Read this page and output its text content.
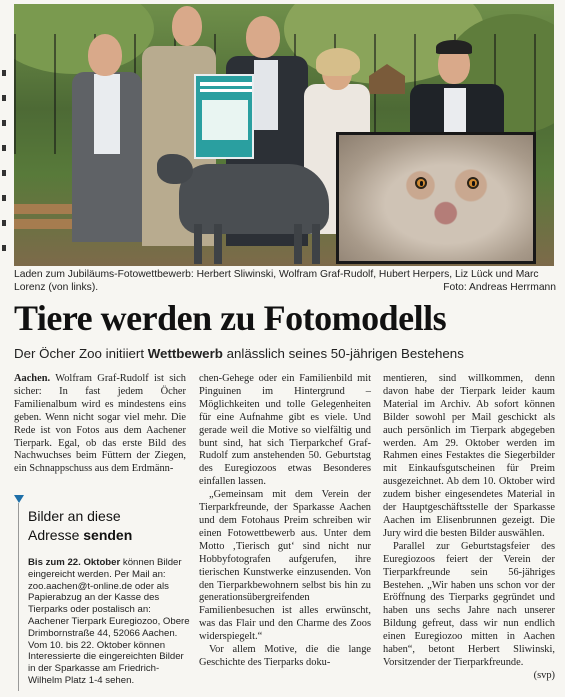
Laden zum Jubiläums-Fotowettbewerb: Herbert Sliwinski, Wolfram Graf-Rudolf, Hubert Herpers, Liz Lück und Marc Lorenz (von links).	Foto: Andreas Herrmann
Tiere werden zu Fotomodells
Der Öcher Zoo initiiert Wettbewerb anlässlich seines 50-jährigen Bestehens

Aachen. Wolfram Graf-Rudolf ist sich sicher: In fast jedem Öcher Familienalbum wird es mindestens eins geben. Wenn nicht sogar viel mehr. Die Rede ist von Fotos aus dem Aachener Tierpark. Egal, ob das erste Bild des Nachwuchses beim Füttern der Ziegen, ein Schnappschuss aus dem Erdmänn-

Bilder an diese
Adresse senden
Bis zum 22. Oktober können Bilder eingereicht werden. Per Mail an: zoo.aachen@t-online.de oder als Papierabzug an der Kasse des Tierparks oder postalisch an: Aachener Tierpark Euregiozoo, Obere Drimbornstraße 44, 52066 Aachen. Vom 10. bis 22. Oktober können Interessierte die eingereichten Bilder in der Sparkasse am Friedrich-Wilhelm Platz 1-4 sehen.

chen-Gehege oder ein Familienbild mit Pinguinen im Hintergrund – Möglichkeiten und tolle Gelegenheiten für eine Aufnahme gibt es viele. Und gerade weil die Motive so vielfältig und bunt sind, hat sich Tierparkchef Graf-Rudolf zum anstehenden 50. Geburtstag des Euregiozoos etwas Besonderes einfallen lassen.

„Gemeinsam mit dem Verein der Tierparkfreunde, der Sparkasse Aachen und dem Fotohaus Preim schreiben wir einen Fotowettbewerb aus. Unter dem Motto ‚Tierisch gut‘ sind nicht nur Hobbyfotografen aufgerufen, ihre tierischen Kunstwerke einzusenden. Von den Tierparkbewohnern selbst bis hin zu generationsübergreifenden Familienbesuchen ist alles erwünscht, was das Flair und den Charme des Zoos widerspiegelt.“

Vor allem Motive, die die lange Geschichte des Tierparks doku-

mentieren, sind willkommen, denn davon habe der Tierpark leider kaum Material im Archiv. Ab sofort können Bilder sowohl per Mail geschickt als auch persönlich im Tierpark abgegeben werden. Am 29. Oktober werden im Rahmen eines Festaktes die Siegerbilder mit Einkaufsgutscheinen für Preim ausgezeichnet. Ab dem 10. Oktober wird zudem bisher eingesendetes Material in der Hauptgeschäftsstelle der Sparkasse Aachen im Elisenbrunnen gezeigt. Die Jury wird die besten Bilder auswählen.

Parallel zur Geburtstagsfeier des Euregiozoos feiert der Verein der Tierparkfreunde sein 56-jähriges Bestehen. „Wir haben uns schon vor der Eröffnung des Tierparks gegründet und haben uns sechs Jahre nach unserer Bildung gefreut, dass wir nun endlich einen Euregiozoo mitten in Aachen haben“, betont Herbert Sliwinski, Vorsitzender der Tierparkfreunde.

(svp)
